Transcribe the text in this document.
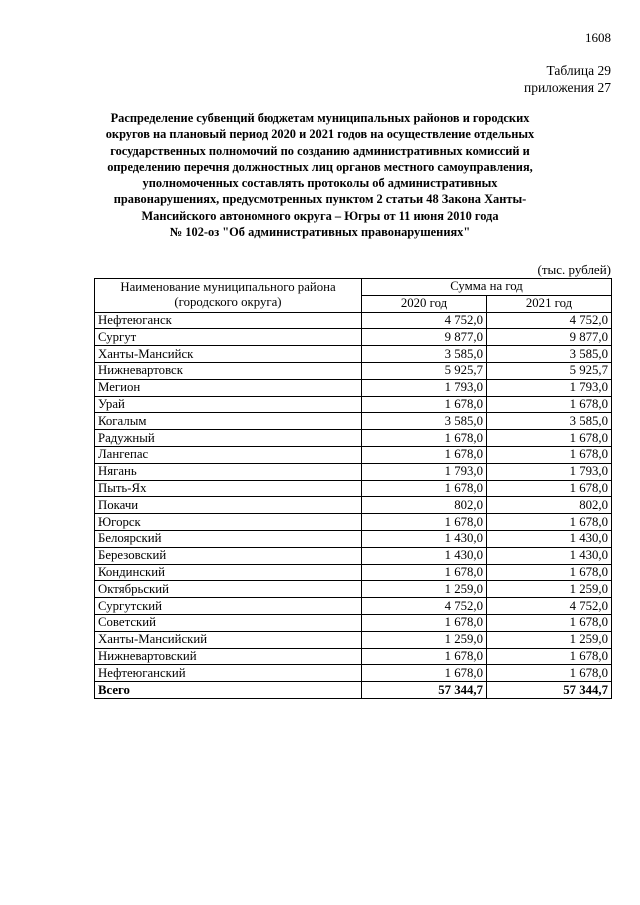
1608
Таблица 29
приложения 27
Распределение субвенций бюджетам муниципальных районов и городских
округов на плановый период 2020 и 2021 годов на осуществление отдельных
государственных полномочий по созданию административных комиссий и
определению перечня должностных лиц органов местного самоуправления,
уполномоченных составлять протоколы об административных
правонарушениях, предусмотренных пунктом 2 статьи 48 Закона Ханты-
Мансийского автономного округа – Югры от 11 июня 2010 года
№ 102-оз "Об административных правонарушениях"
(тыс. рублей)
Наименование муниципального района
(городского округа)	Сумма на год	
	2020 год	2021 год
Нефтеюганск	4 752,0	4 752,0
Сургут	9 877,0	9 877,0
Ханты-Мансийск	3 585,0	3 585,0
Нижневартовск	5 925,7	5 925,7
Мегион	1 793,0	1 793,0
Урай	1 678,0	1 678,0
Когалым	3 585,0	3 585,0
Радужный	1 678,0	1 678,0
Лангепас	1 678,0	1 678,0
Нягань	1 793,0	1 793,0
Пыть-Ях	1 678,0	1 678,0
Покачи	802,0	802,0
Югорск	1 678,0	1 678,0
Белоярский	1 430,0	1 430,0
Березовский	1 430,0	1 430,0
Кондинский	1 678,0	1 678,0
Октябрьский	1 259,0	1 259,0
Сургутский	4 752,0	4 752,0
Советский	1 678,0	1 678,0
Ханты-Мансийский	1 259,0	1 259,0
Нижневартовский	1 678,0	1 678,0
Нефтеюганский	1 678,0	1 678,0
Всего	57 344,7	57 344,7
